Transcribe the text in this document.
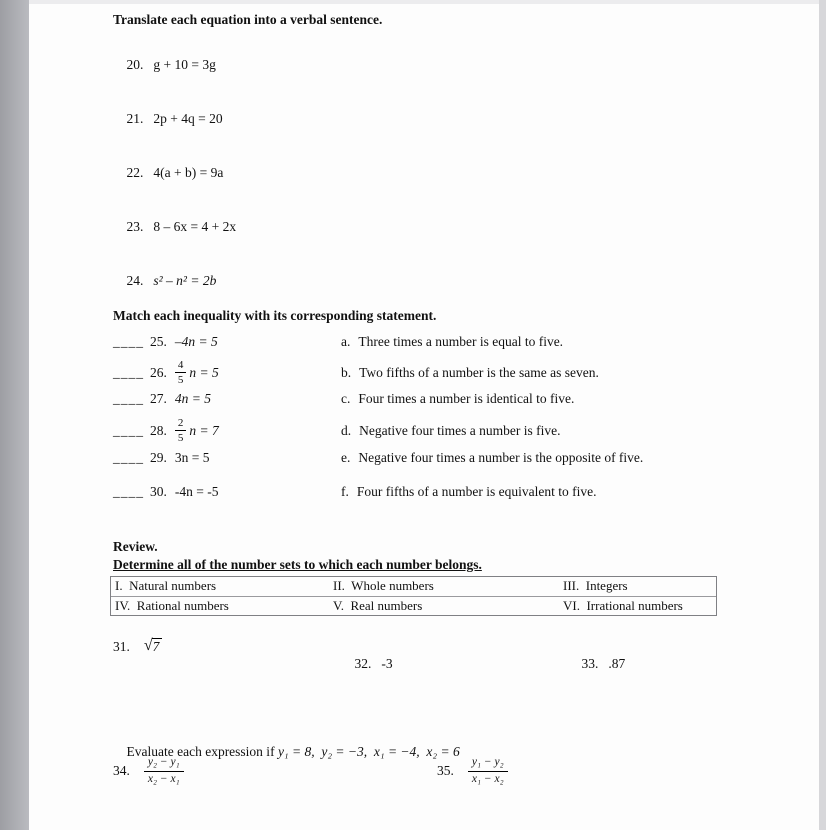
Translate each equation into a verbal sentence.

20. g + 10 = 3g

21. 2p + 4q = 20

22. 4(a + b) = 9a

23. 8 – 6x = 4 + 2x

24. s² – n² = 2b

Match each inequality with its corresponding statement.
____ 25. –4n = 5	a. Three times a number is equal to five.
____ 26. $\frac{4}{5}$ n = 5	b. Two fifths of a number is the same as seven.
____ 27. 4n = 5	c. Four times a number is identical to five.
____ 28. $\frac{2}{5}$ n = 7	d. Negative four times a number is five.
____ 29. 3n = 5	e. Negative four times a number is the opposite of five.
____ 30. -4n = -5	f. Four fifths of a number is equivalent to five.
Review.
Determine all of the number sets to which each number belongs.
I.  Natural numbers	II.  Whole numbers	III.  Integers
IV.  Rational numbers	V.  Real numbers	VI.  Irrational numbers
31. √ 7

32. -3
	33. .87

Evaluate each expression if y₁ = 8,  y₂ = −3,  x₁ = −4,  x₂ = 6

34. $\frac{\text{y₂ − y₁}}{\text{x₂ − x₁}}$	35. $\frac{\text{y₁ − y₂}}{\text{x₁ − x₂}}$
